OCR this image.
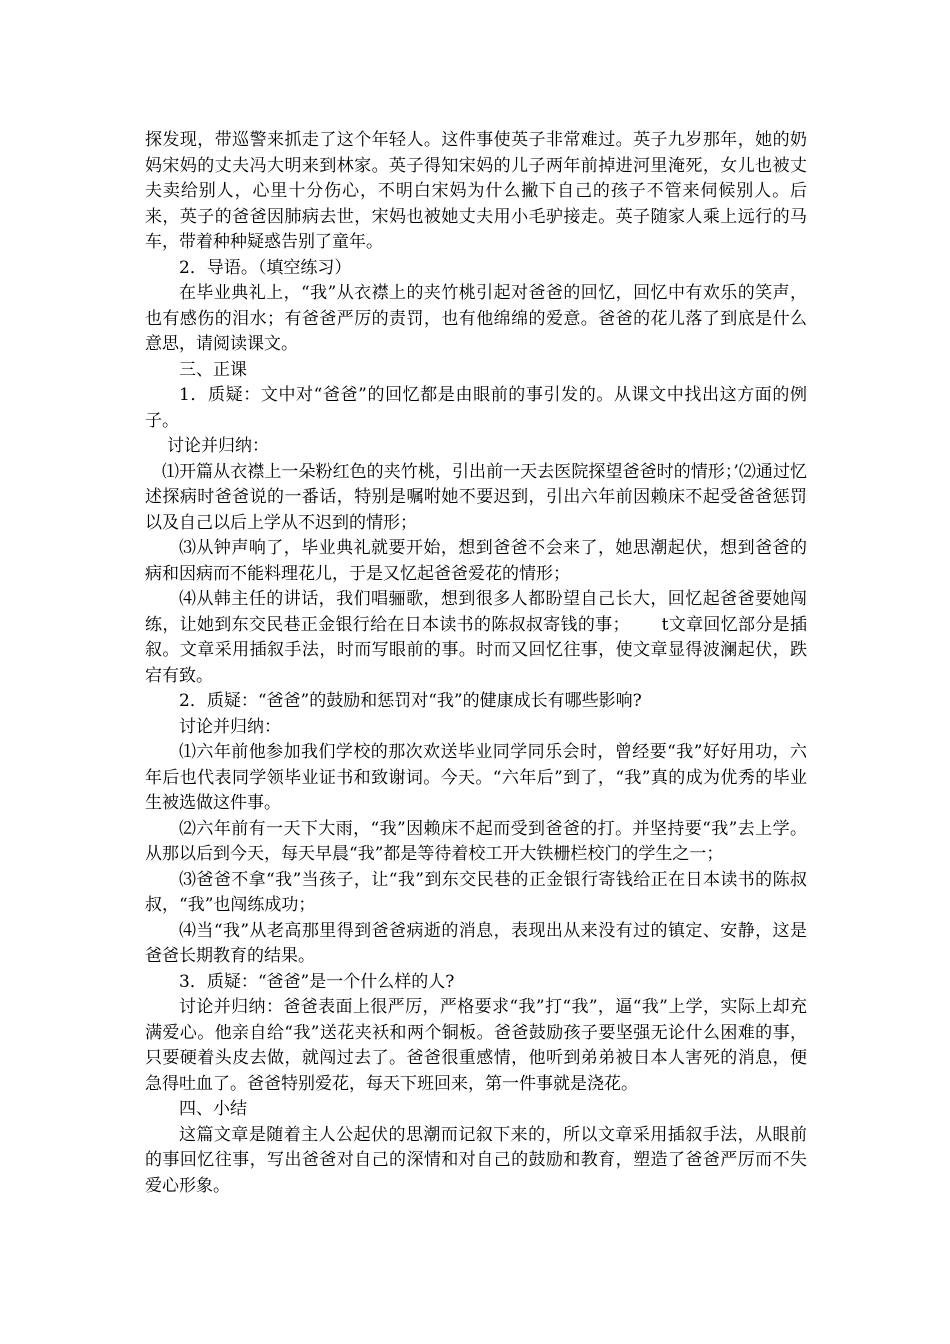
探发现，带巡警来抓走了这个年轻人。这件事使英子非常难过。英子九岁那年，她的奶妈宋妈的丈夫冯大明来到林家。英子得知宋妈的儿子两年前掉进河里淹死，女儿也被丈夫卖给别人，心里十分伤心，不明白宋妈为什么撇下自己的孩子不管来伺候别人。后来，英子的爸爸因肺病去世，宋妈也被她丈夫用小毛驴接走。英子随家人乘上远行的马车，带着种种疑惑告别了童年。

2．导语。（填空练习）

在毕业典礼上，“我”从衣襟上的夹竹桃引起对爸爸的回忆，回忆中有欢乐的笑声，也有感伤的泪水；有爸爸严厉的责罚，也有他绵绵的爱意。爸爸的花儿落了到底是什么意思，请阅读课文。

三、正课

1．质疑：文中对“爸爸”的回忆都是由眼前的事引发的。从课文中找出这方面的例子。

讨论并归纳：

⑴开篇从衣襟上一朵粉红色的夹竹桃，引出前一天去医院探望爸爸时的情形；’⑵通过忆述探病时爸爸说的一番话，特别是嘱咐她不要迟到，引出六年前因赖床不起受爸爸惩罚以及自己以后上学从不迟到的情形；

⑶从钟声响了，毕业典礼就要开始，想到爸爸不会来了，她思潮起伏，想到爸爸的病和因病而不能料理花儿，于是又忆起爸爸爱花的情形；

⑷从韩主任的讲话，我们唱骊歌，想到很多人都盼望自己长大，回忆起爸爸要她闯练，让她到东交民巷正金银行给在日本读书的陈叔叔寄钱的事；　　 t文章回忆部分是插叙。文章采用插叙手法，时而写眼前的事。时而又回忆往事，使文章显得波澜起伏，跌宕有致。

2．质疑：“爸爸”的鼓励和惩罚对“我”的健康成长有哪些影响?

讨论并归纳：

⑴六年前他参加我们学校的那次欢送毕业同学同乐会时，曾经要“我”好好用功，六年后也代表同学领毕业证书和致谢词。今天。“六年后”到了，“我”真的成为优秀的毕业生被选做这件事。

⑵六年前有一天下大雨，“我”因赖床不起而受到爸爸的打。并坚持要“我”去上学。从那以后到今天，每天早晨“我”都是等待着校工开大铁栅栏校门的学生之一；

⑶爸爸不拿“我”当孩子，让“我”到东交民巷的正金银行寄钱给正在日本读书的陈叔叔，“我”也闯练成功；

⑷当“我”从老高那里得到爸爸病逝的消息，表现出从来没有过的镇定、安静，这是爸爸长期教育的结果。

3．质疑：“爸爸”是一个什么样的人?

讨论并归纳：爸爸表面上很严厉，严格要求“我”打“我”，逼“我”上学，实际上却充满爱心。他亲自给“我”送花夹袄和两个铜板。爸爸鼓励孩子要坚强无论什么困难的事，只要硬着头皮去做，就闯过去了。爸爸很重感情，他听到弟弟被日本人害死的消息，便急得吐血了。爸爸特别爱花，每天下班回来，第一件事就是浇花。

四、小结

这篇文章是随着主人公起伏的思潮而记叙下来的，所以文章采用插叙手法，从眼前的事回忆往事，写出爸爸对自己的深情和对自己的鼓励和教育，塑造了爸爸严厉而不失爱心形象。
